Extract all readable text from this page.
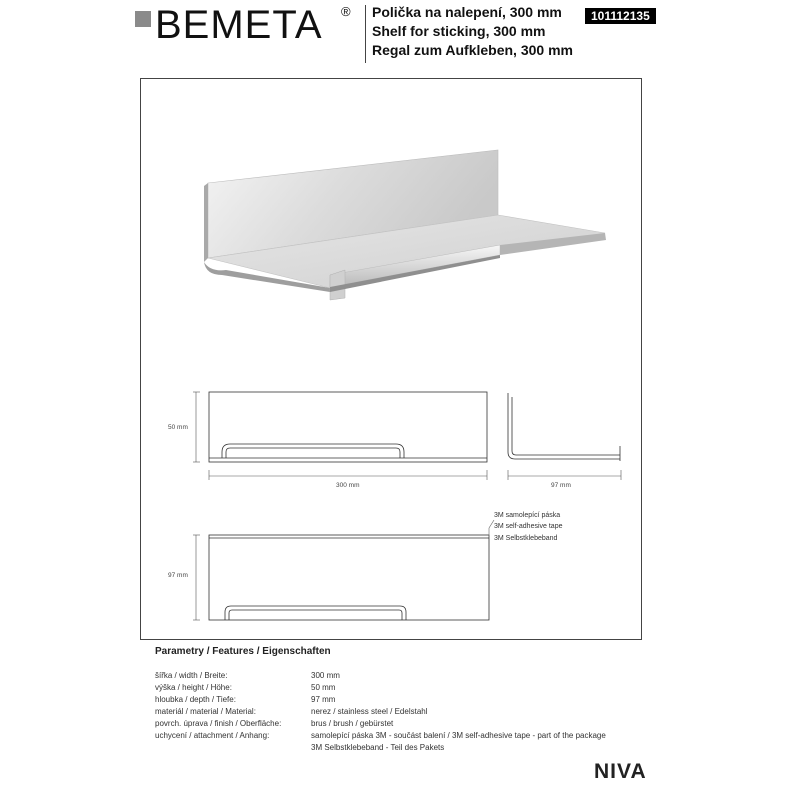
BEMETA ® Polička na nalepení, 300 mm
Shelf for sticking, 300 mm
Regal zum Aufkleben, 300 mm
101112135
50 mm
300 mm	97 mm
97 mm
3M samolepící páska
3M self-adhesive tape
3M Selbstklebeband
Parametry / Features / Eigenschaften
šířka / width / Breite:	300 mm
výška / height / Höhe:	50 mm
hloubka / depth / Tiefe:	97 mm
materiál / material / Material:	nerez / stainless steel / Edelstahl
povrch. úprava / finish / Oberfläche:	brus / brush / gebürstet
uchycení / attachment / Anhang:	samolepící páska 3M - součást balení / 3M self-adhesive tape - part of the package
3M Selbstklebeband - Teil des Pakets
NIVA
